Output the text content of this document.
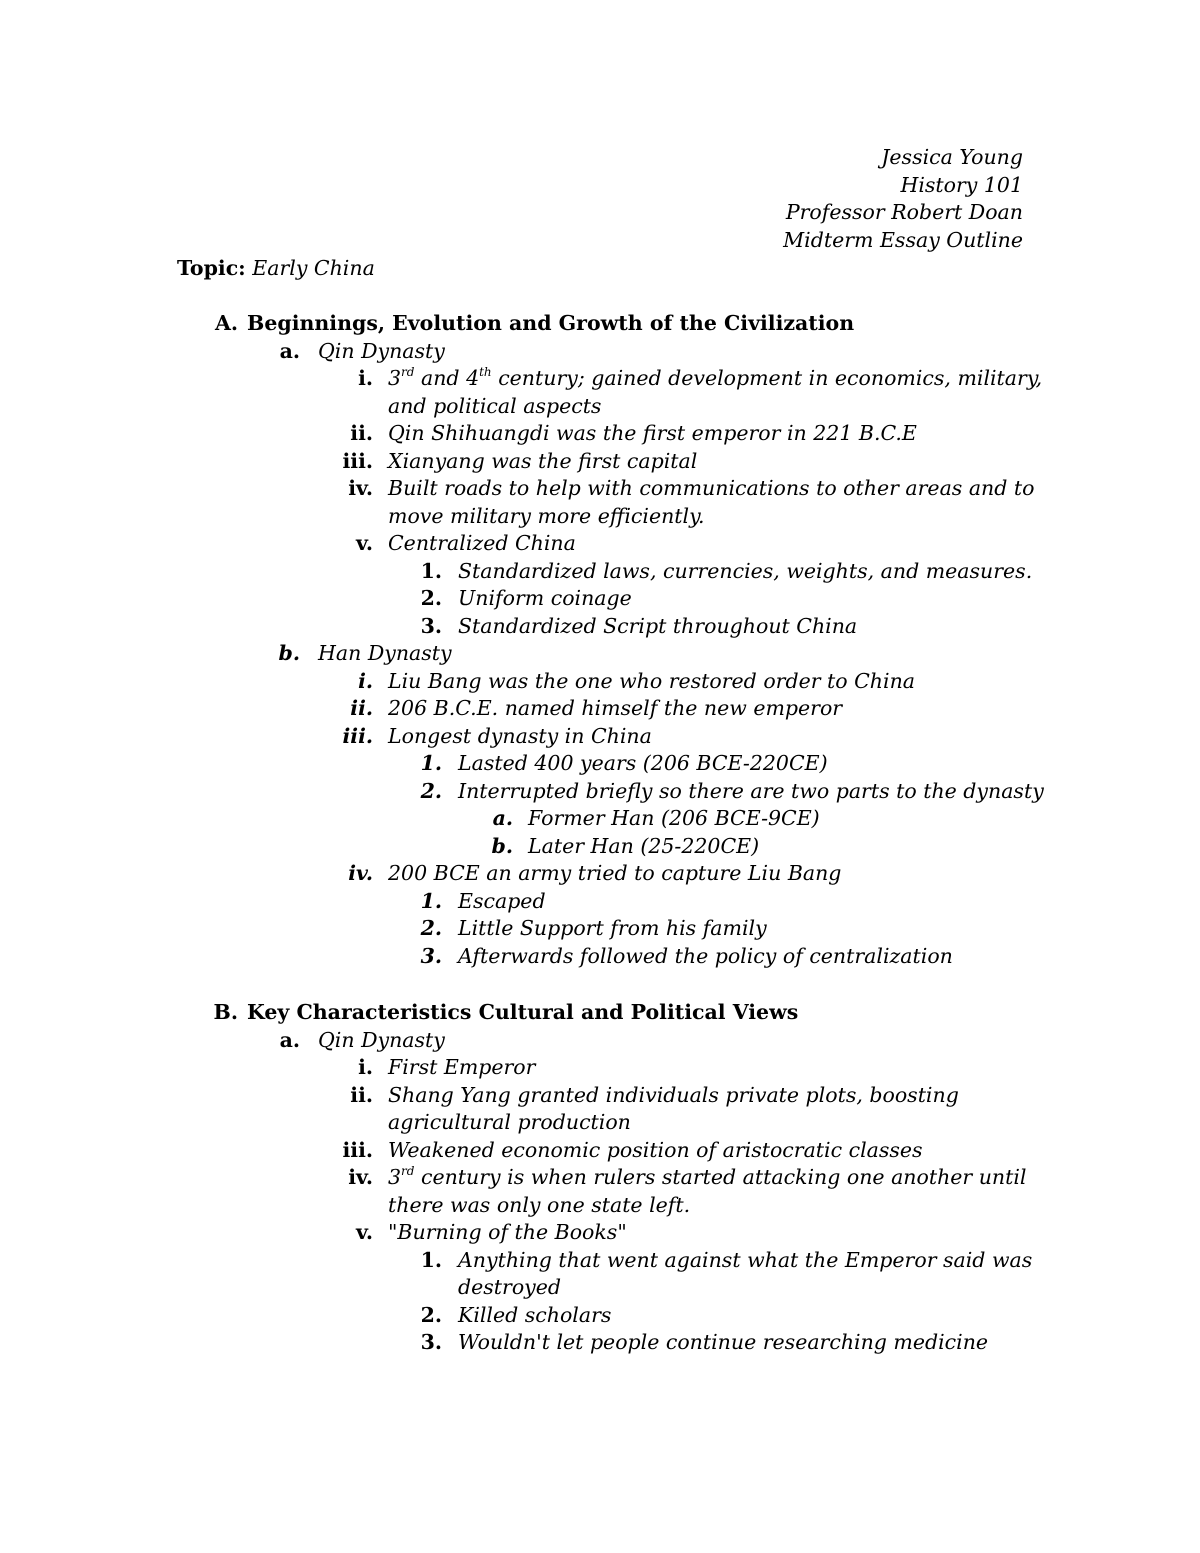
Jessica Young
History 101
Professor Robert Doan
Midterm Essay Outline
Topic: Early China
A. Beginnings, Evolution and Growth of the Civilization
a. Qin Dynasty
i. 3rd and 4th century; gained development in economics, military,
and political aspects
ii. Qin Shihuangdi was the first emperor in 221 B.C.E
iii. Xianyang was the first capital
iv. Built roads to help with communications to other areas and to
move military more efficiently.
v. Centralized China
1. Standardized laws, currencies, weights, and measures.
2. Uniform coinage
3. Standardized Script throughout China
b. Han Dynasty
i. Liu Bang was the one who restored order to China
ii. 206 B.C.E. named himself the new emperor
iii. Longest dynasty in China
1. Lasted 400 years (206 BCE-220CE)
2. Interrupted briefly so there are two parts to the dynasty
a. Former Han (206 BCE-9CE)
b. Later Han (25-220CE)
iv. 200 BCE an army tried to capture Liu Bang
1. Escaped
2. Little Support from his family
3. Afterwards followed the policy of centralization
B. Key Characteristics Cultural and Political Views
a. Qin Dynasty
i. First Emperor
ii. Shang Yang granted individuals private plots, boosting
agricultural production
iii. Weakened economic position of aristocratic classes
iv. 3rd century is when rulers started attacking one another until
there was only one state left.
v. "Burning of the Books"
1. Anything that went against what the Emperor said was
destroyed
2. Killed scholars
3. Wouldn't let people continue researching medicine
